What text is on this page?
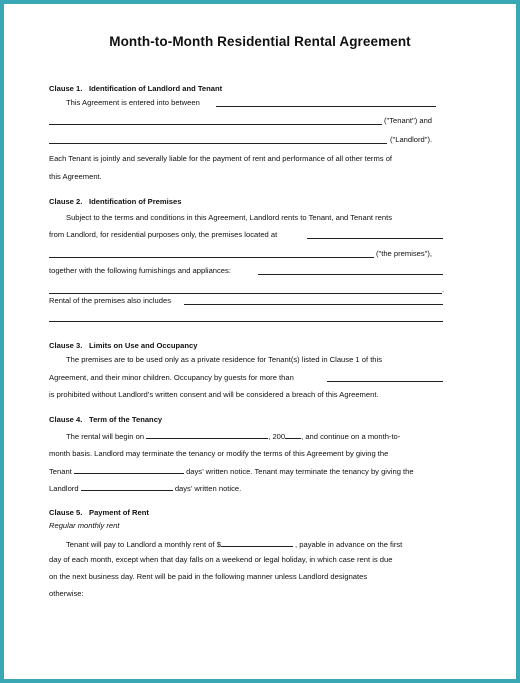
Month-to-Month Residential Rental Agreement
Clause 1. Identification of Landlord and Tenant
This Agreement is entered into between
("Tenant") and
("Landlord").
Each Tenant is jointly and severally liable for the payment of rent and performance of all other terms of
this Agreement.
Clause 2. Identification of Premises
Subject to the terms and conditions in this Agreement, Landlord rents to Tenant, and Tenant rents
from Landlord, for residential purposes only, the premises located at
("the premises"),
together with the following furnishings and appliances:
.
Rental of the premises also includes
Clause 3. Limits on Use and Occupancy
The premises are to be used only as a private residence for Tenant(s) listed in Clause 1 of this
Agreement, and their minor children. Occupancy by guests for more than
is prohibited without Landlord’s written consent and will be considered a breach of this Agreement.
Clause 4. Term of the Tenancy
The rental will begin on	, 200 , and continue on a month-to-
month basis. Landlord may terminate the tenancy or modify the terms of this Agreement by giving the
Tenant	days’ written notice. Tenant may terminate the tenancy by giving the
Landlord	days’ written notice.
Clause 5. Payment of Rent
Regular monthly rent
Tenant will pay to Landlord a monthly rent of $	, payable in advance on the first
day of each month, except when that day falls on a weekend or legal holiday, in which case rent is due
on the next business day. Rent will be paid in the following manner unless Landlord designates
otherwise:
